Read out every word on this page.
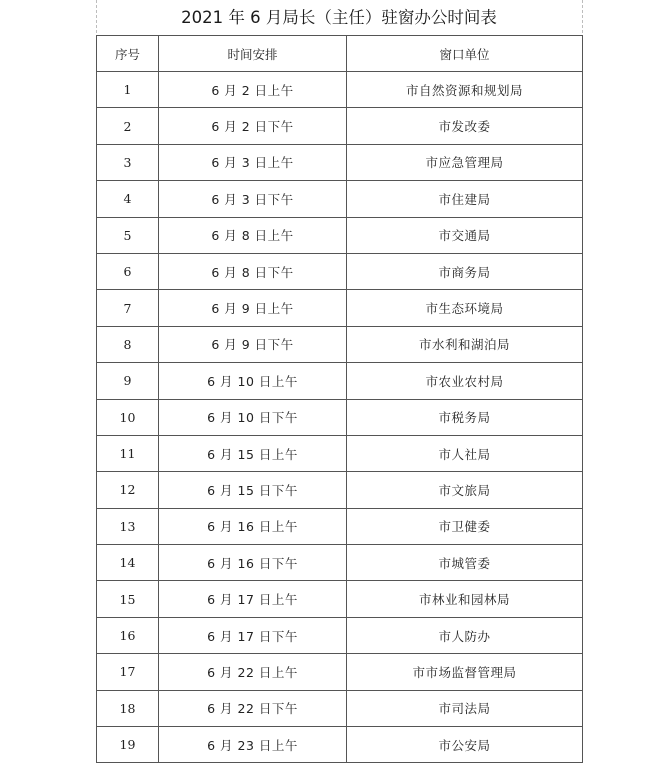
2021 年 6 月局长（主任）驻窗办公时间表
序号	时间安排	窗口单位
1	6 月 2 日上午	市自然资源和规划局
2	6 月 2 日下午	市发改委
3	6 月 3 日上午	市应急管理局
4	6 月 3 日下午	市住建局
5	6 月 8 日上午	市交通局
6	6 月 8 日下午	市商务局
7	6 月 9 日上午	市生态环境局
8	6 月 9 日下午	市水利和湖泊局
9	6 月 10 日上午	市农业农村局
10	6 月 10 日下午	市税务局
11	6 月 15 日上午	市人社局
12	6 月 15 日下午	市文旅局
13	6 月 16 日上午	市卫健委
14	6 月 16 日下午	市城管委
15	6 月 17 日上午	市林业和园林局
16	6 月 17 日下午	市人防办
17	6 月 22 日上午	市市场监督管理局
18	6 月 22 日下午	市司法局
19	6 月 23 日上午	市公安局
